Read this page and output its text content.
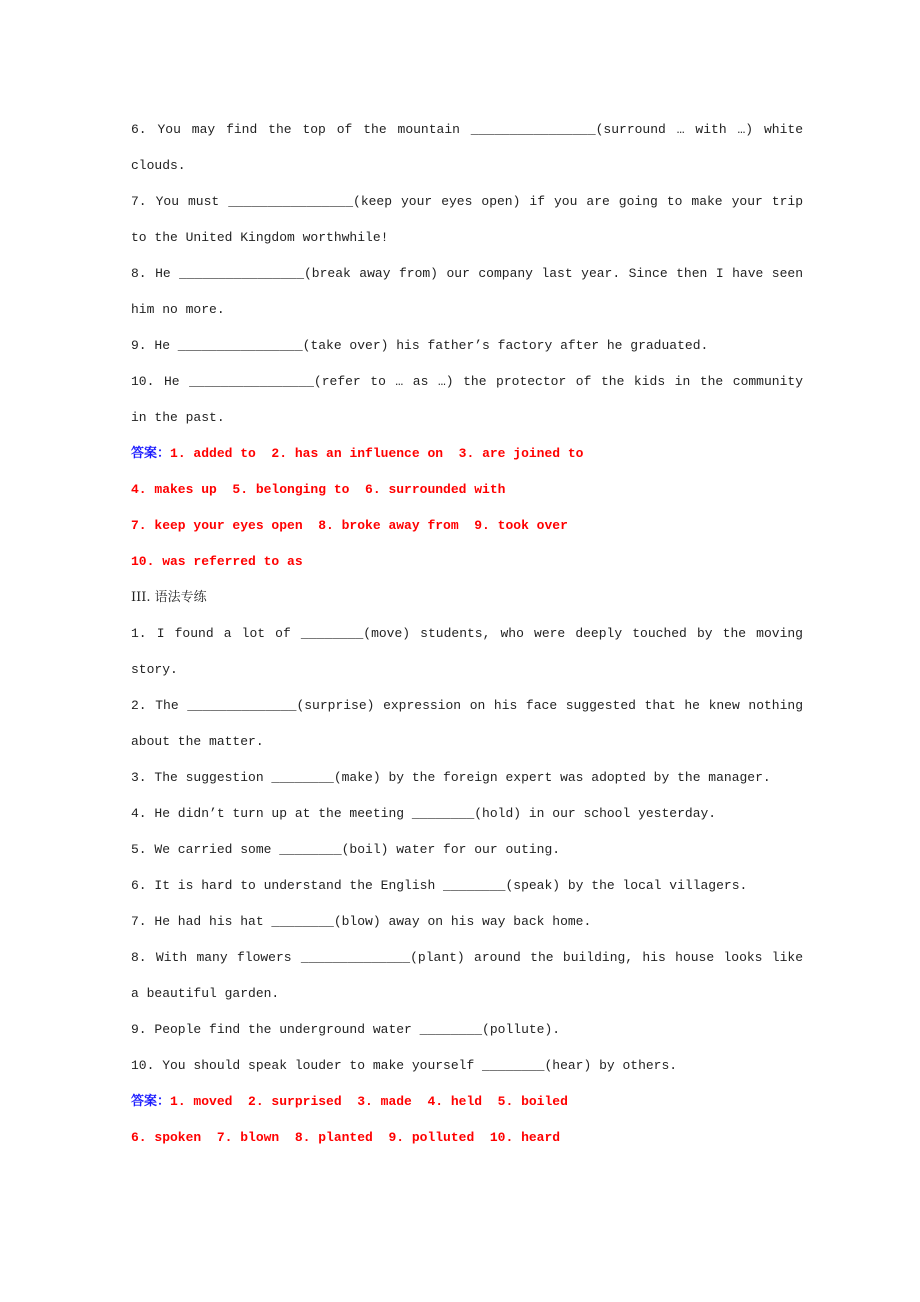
6. You may find the top of the mountain ________________(surround … with …) white
clouds.
7. You must ________________(keep your eyes open) if you are going to make your trip
to the United Kingdom worthwhile!
8. He ________________(break away from) our company last year. Since then I have seen
him no more.
9. He ________________(take over) his father’s factory after he graduated.
10. He ________________(refer to … as …) the protector of the kids in the community
in the past.
答案：1. added to  2. has an influence on  3. are joined to
4. makes up  5. belonging to  6. surrounded with
7. keep your eyes open  8. broke away from  9. took over
10. was referred to as
III. 语法专练
1. I found a lot of ________(move) students, who were deeply touched by the moving
story.
2. The ______________(surprise) expression on his face suggested that he knew nothing
about the matter.
3. The suggestion ________(make) by the foreign expert was adopted by the manager.
4. He didn’t turn up at the meeting ________(hold) in our school yesterday.
5. We carried some ________(boil) water for our outing.
6. It is hard to understand the English ________(speak) by the local villagers.
7. He had his hat ________(blow) away on his way back home.
8. With many flowers ______________(plant) around the building, his house looks like
a beautiful garden.
9. People find the underground water ________(pollute).
10. You should speak louder to make yourself ________(hear) by others.
答案：1. moved  2. surprised  3. made  4. held  5. boiled
6. spoken  7. blown  8. planted  9. polluted  10. heard
